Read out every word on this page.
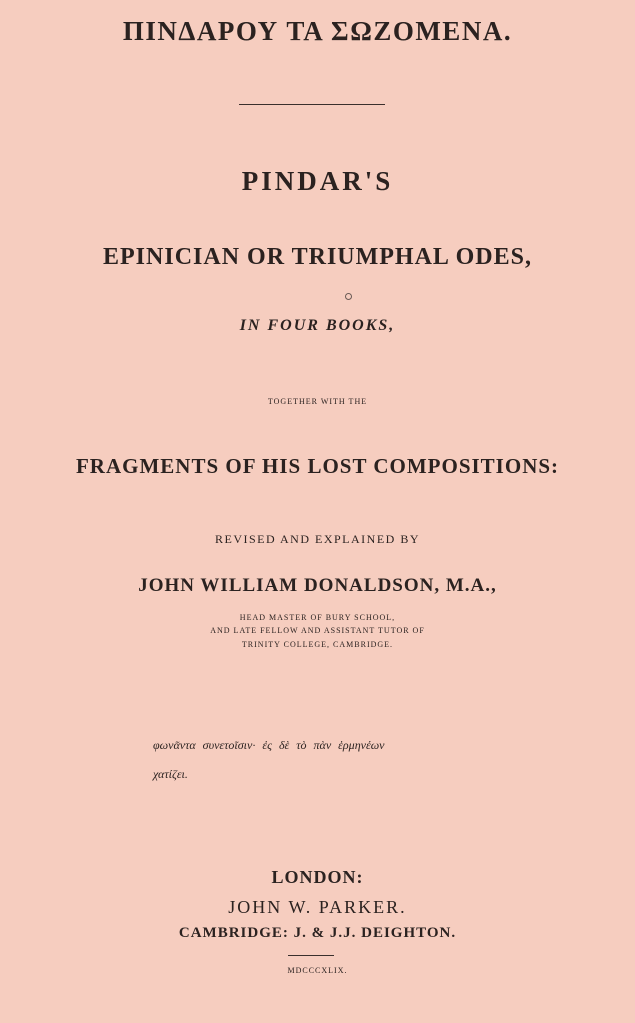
ΠΙΝΔΑΡΟΥ ΤΑ ΣΩΖΟΜΕΝΑ.
PINDAR'S
EPINICIAN OR TRIUMPHAL ODES,
IN FOUR BOOKS,
TOGETHER WITH THE
FRAGMENTS OF HIS LOST COMPOSITIONS:
REVISED AND EXPLAINED BY
JOHN WILLIAM DONALDSON, M.A.,
HEAD MASTER OF BURY SCHOOL,
AND LATE FELLOW AND ASSISTANT TUTOR OF
TRINITY COLLEGE, CAMBRIDGE.
φωνᾶντα συνετοῖσιν· ἐς δὲ τὸ πὰν ἑρμηνέων
χατίζει.
LONDON:
JOHN W. PARKER.
CAMBRIDGE: J. & J.J. DEIGHTON.
MDCCCXLIX.
